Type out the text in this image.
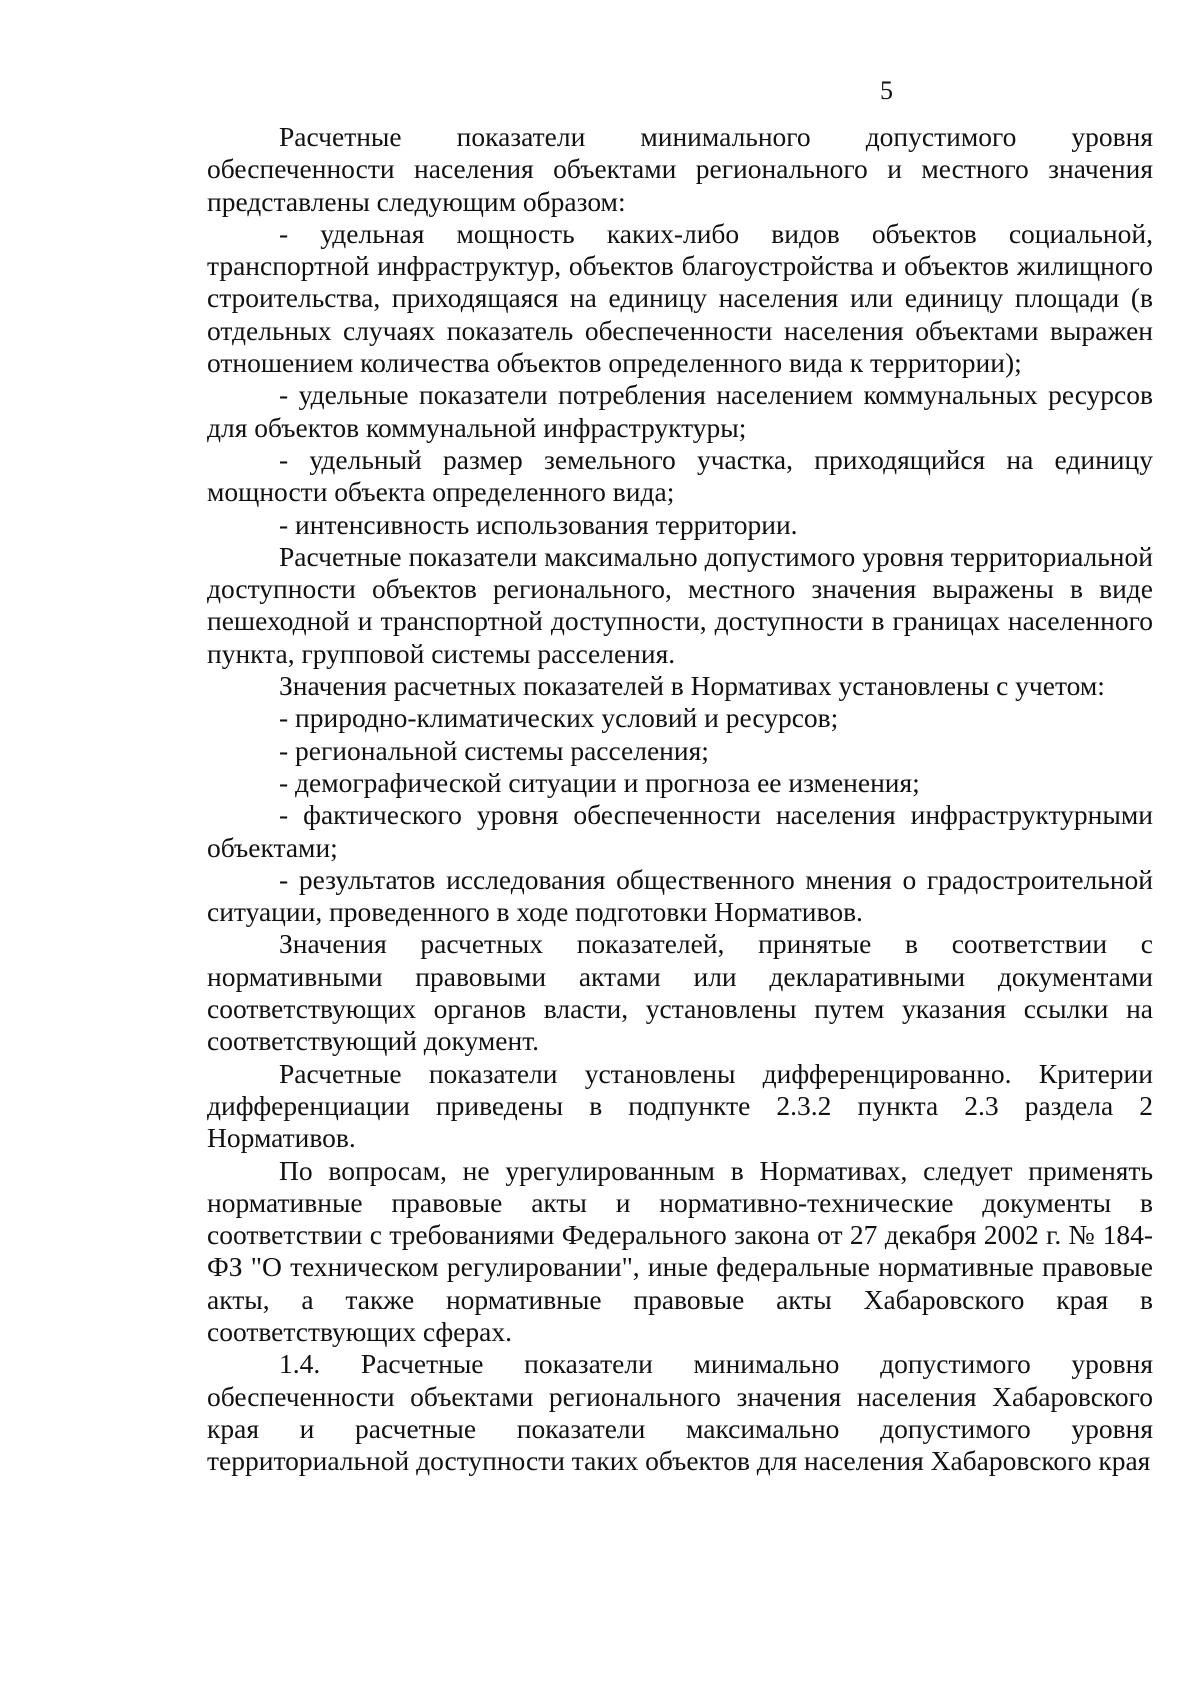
5

Расчетные показатели минимального допустимого уровня обеспеченности населения объектами регионального и местного значения представлены следующим образом:

- удельная мощность каких-либо видов объектов социальной, транспортной инфраструктур, объектов благоустройства и объектов жилищного строительства, приходящаяся на единицу населения или единицу площади (в отдельных случаях показатель обеспеченности населения объектами выражен отношением количества объектов определенного вида к территории);

- удельные показатели потребления населением коммунальных ресурсов для объектов коммунальной инфраструктуры;

- удельный размер земельного участка, приходящийся на единицу мощности объекта определенного вида;

- интенсивность использования территории.

Расчетные показатели максимально допустимого уровня территориальной доступности объектов регионального, местного значения выражены в виде пешеходной и транспортной доступности, доступности в границах населенного пункта, групповой системы расселения.

Значения расчетных показателей в Нормативах установлены с учетом:

- природно-климатических условий и ресурсов;

- региональной системы расселения;

- демографической ситуации и прогноза ее изменения;

- фактического уровня обеспеченности населения инфраструктурными объектами;

- результатов исследования общественного мнения о градостроительной ситуации, проведенного в ходе подготовки Нормативов.

Значения расчетных показателей, принятые в соответствии с нормативными правовыми актами или декларативными документами соответствующих органов власти, установлены путем указания ссылки на соответствующий документ.

Расчетные показатели установлены дифференцированно. Критерии дифференциации приведены в подпункте 2.3.2 пункта 2.3 раздела 2 Нормативов.

По вопросам, не урегулированным в Нормативах, следует применять нормативные правовые акты и нормативно-технические документы в соответствии с требованиями Федерального закона от 27 декабря 2002 г. № 184-ФЗ "О техническом регулировании", иные федеральные нормативные правовые акты, а также нормативные правовые акты Хабаровского края в соответствующих сферах.

1.4. Расчетные показатели минимально допустимого уровня обеспеченности объектами регионального значения населения Хабаровского края и расчетные показатели максимально допустимого уровня территориальной доступности таких объектов для населения Хабаровского края
